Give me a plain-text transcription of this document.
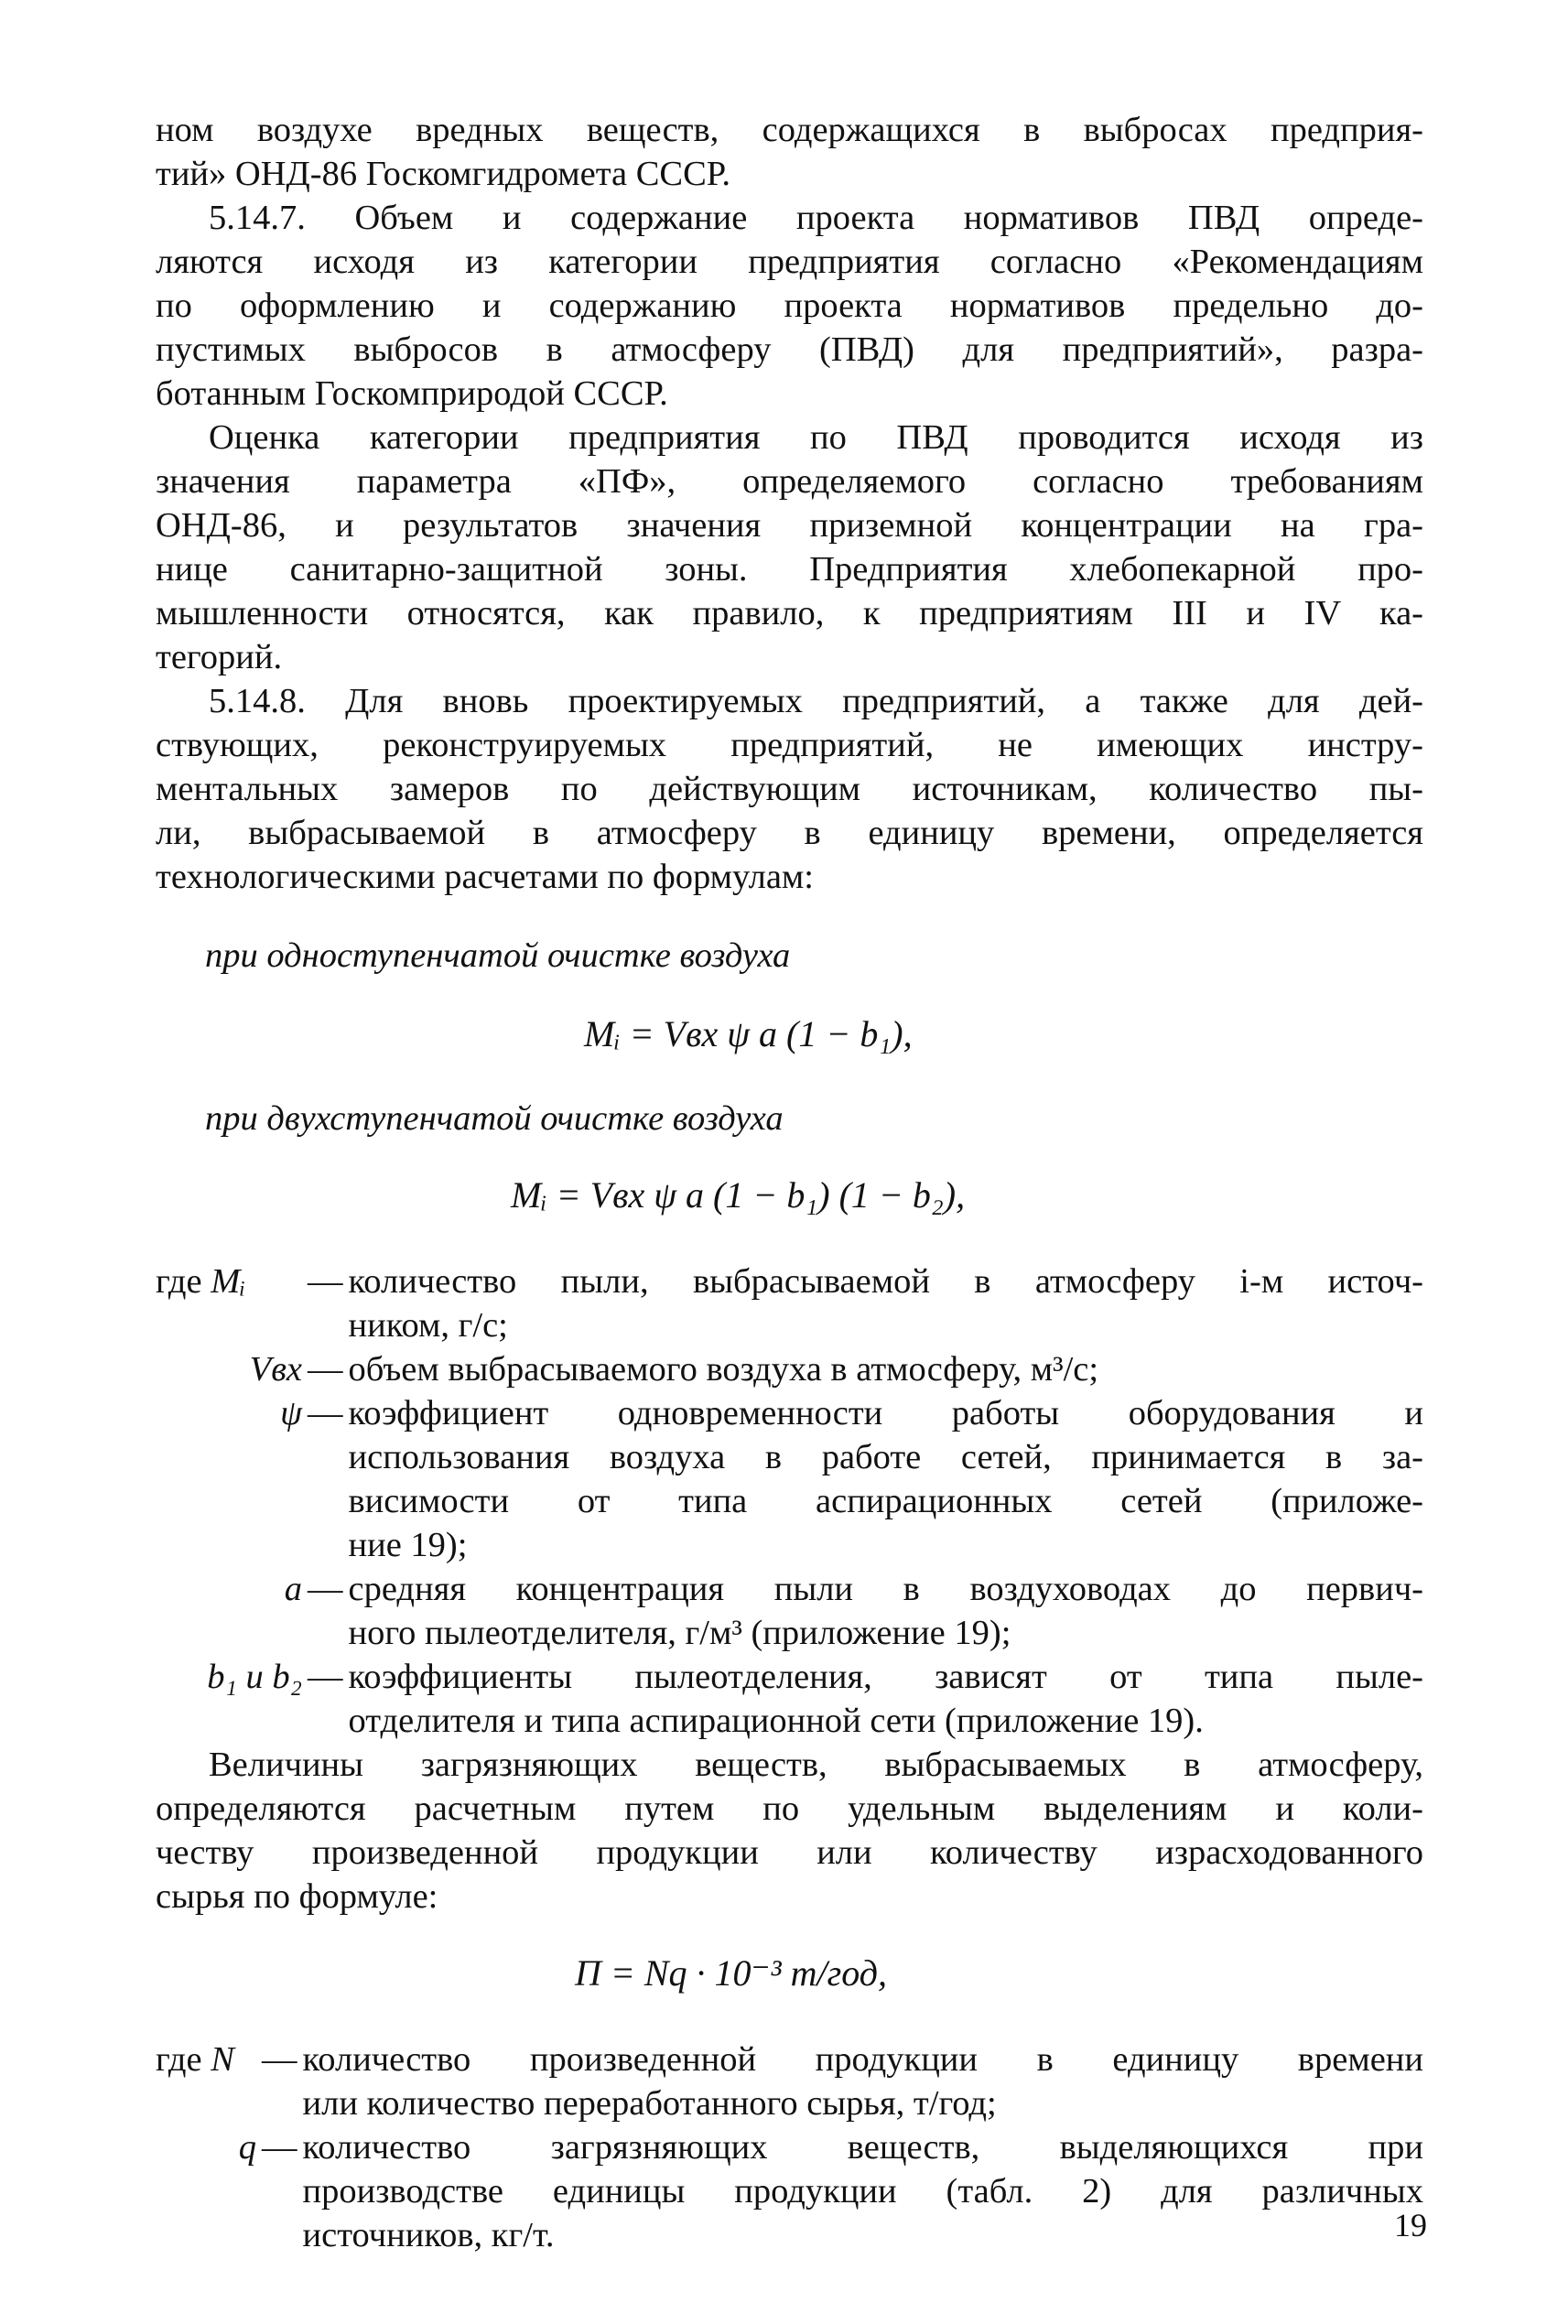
ном воздухе вредных веществ, содержащихся в выбросах предприя-

тий» ОНД-86 Госкомгидромета СССР.

5.14.7. Объем и содержание проекта нормативов ПВД опреде-

ляются исходя из категории предприятия согласно «Рекомендациям

по оформлению и содержанию проекта нормативов предельно до-

пустимых выбросов в атмосферу (ПВД) для предприятий», разра-

ботанным Госкомприродой СССР.

Оценка категории предприятия по ПВД проводится исходя из

значения параметра «ПФ», определяемого согласно требованиям

ОНД-86, и результатов значения приземной концентрации на гра-

нице санитарно-защитной зоны. Предприятия хлебопекарной про-

мышленности относятся, как правило, к предприятиям III и IV ка-

тегорий.

5.14.8. Для вновь проектируемых предприятий, а также для дей-

ствующих, реконструируемых предприятий, не имеющих инстру-

ментальных замеров по действующим источникам, количество пы-

ли, выбрасываемой в атмосферу в единицу времени, определяется

технологическими расчетами по формулам:

при одноступенчатой очистке воздуха

Mᵢ = Vвх ψ a (1 − b₁),

при двухступенчатой очистке воздуха

Mᵢ = Vвх ψ a (1 − b₁) (1 − b₂),

где Mᵢ	— количество пыли, выбрасываемой в атмосферу i-м источ-
ником, г/с;
Vвх — объем выбрасываемого воздуха в атмосферу, м³/с;
ψ — коэффициент одновременности работы оборудования и
использования воздуха в работе сетей, принимается в за-
висимости от типа аспирационных сетей (приложе-
ние 19);
a — средняя концентрация пыли в воздуховодах до первич-
ного пылеотделителя, г/м³ (приложение 19);
b₁ и b₂ — коэффициенты пылеотделения, зависят от типа пыле-
отделителя и типа аспирационной сети (приложение 19).

Величины загрязняющих веществ, выбрасываемых в атмосферу,

определяются расчетным путем по удельным выделениям и коли-

честву произведенной продукции или количеству израсходованного

сырья по формуле:

П = Nq · 10⁻³ т/год,

где N — количество произведенной продукции в единицу времени
или количество переработанного сырья, т/год;
q — количество загрязняющих веществ, выделяющихся при
производстве единицы продукции (табл. 2) для различных
источников, кг/т.	19
